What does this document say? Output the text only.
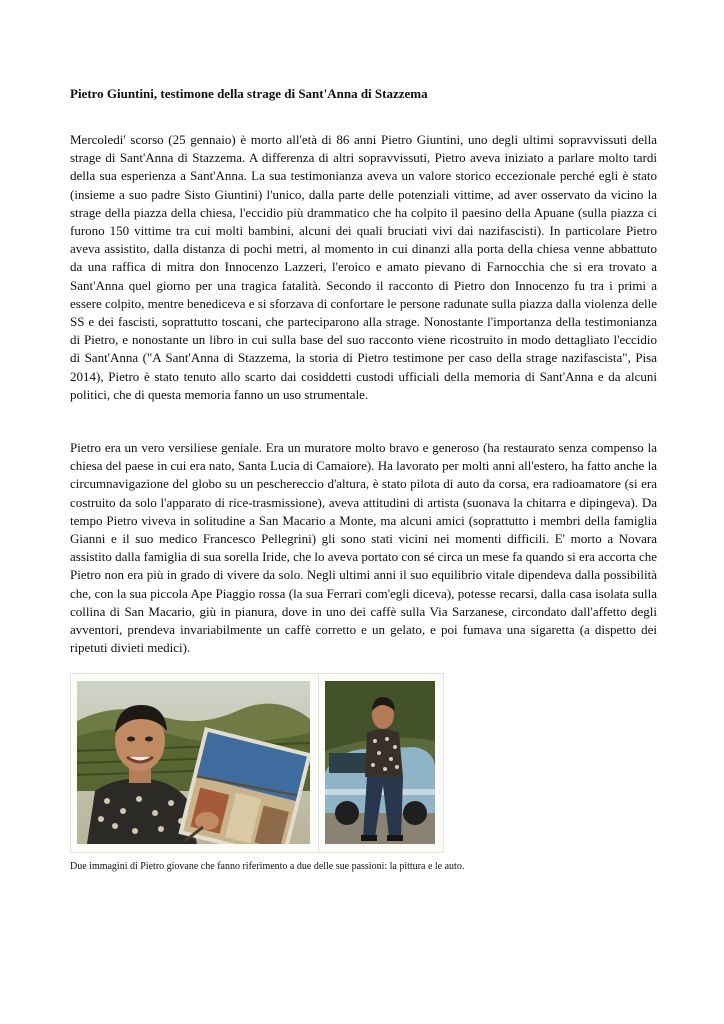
Pietro Giuntini, testimone della strage di Sant'Anna di Stazzema

Mercoledi' scorso (25 gennaio) è morto all'età di 86 anni Pietro Giuntini, uno degli ultimi sopravvissuti della strage di Sant'Anna di Stazzema. A differenza di altri sopravvissuti, Pietro aveva iniziato a parlare molto tardi della sua esperienza a Sant'Anna. La sua testimonianza aveva un valore storico eccezionale perché egli è stato (insieme a suo padre Sisto Giuntini) l'unico, dalla parte delle potenziali vittime, ad aver osservato da vicino la strage della piazza della chiesa, l'eccidio più drammatico che ha colpito il paesino della Apuane (sulla piazza ci furono 150 vittime tra cui molti bambini, alcuni dei quali bruciati vivi dai nazifascisti). In particolare Pietro aveva assistito, dalla distanza di pochi metri, al momento in cui dinanzi alla porta della chiesa venne abbattuto da una raffica di mitra don Innocenzo Lazzeri, l'eroico e amato pievano di Farnocchia che si era trovato a Sant'Anna quel giorno per una tragica fatalità. Secondo il racconto di Pietro don Innocenzo fu tra i primi a essere colpito, mentre benediceva e si sforzava di confortare le persone radunate sulla piazza dalla violenza delle SS e dei fascisti, soprattutto toscani, che parteciparono alla strage. Nonostante l'importanza della testimonianza di Pietro, e nonostante un libro in cui sulla base del suo racconto viene ricostruito in modo dettagliato l'eccidio di Sant'Anna ("A Sant'Anna di Stazzema, la storia di Pietro testimone per caso della strage nazifascista", Pisa 2014), Pietro è stato tenuto allo scarto dai cosiddetti custodi ufficiali della memoria di Sant'Anna e da alcuni politici, che di questa memoria fanno un uso strumentale.

Pietro era un vero versiliese geniale. Era un muratore molto bravo e generoso (ha restaurato senza compenso la chiesa del paese in cui era nato, Santa Lucia di Camaiore). Ha lavorato per molti anni all'estero, ha fatto anche la circumnavigazione del globo su un peschereccio d'altura, è stato pilota di auto da corsa, era radioamatore (si era costruito da solo l'apparato di rice-trasmissione), aveva attitudini di artista (suonava la chitarra e dipingeva). Da tempo Pietro viveva in solitudine a San Macario a Monte, ma alcuni amici (soprattutto i membri della famiglia Gianni e il suo medico Francesco Pellegrini) gli sono stati vicini nei momenti difficili. E' morto a Novara assistito dalla famiglia di sua sorella Iride, che lo aveva portato con sé circa un mese fa quando si era accorta che Pietro non era più in grado di vivere da solo. Negli ultimi anni il suo equilibrio vitale dipendeva dalla possibilità che, con la sua piccola Ape Piaggio rossa (la sua Ferrari com'egli diceva), potesse recarsi, dalla casa isolata sulla collina di San Macario, giù in pianura, dove in uno dei caffè sulla Via Sarzanese, circondato dall'affetto degli avventori, prendeva invariabilmente un caffè corretto e un gelato, e poi fumava una sigaretta (a dispetto dei ripetuti divieti medici).

Due immagini di Pietro giovane che fanno riferimento a due delle sue passioni: la pittura e le auto.
